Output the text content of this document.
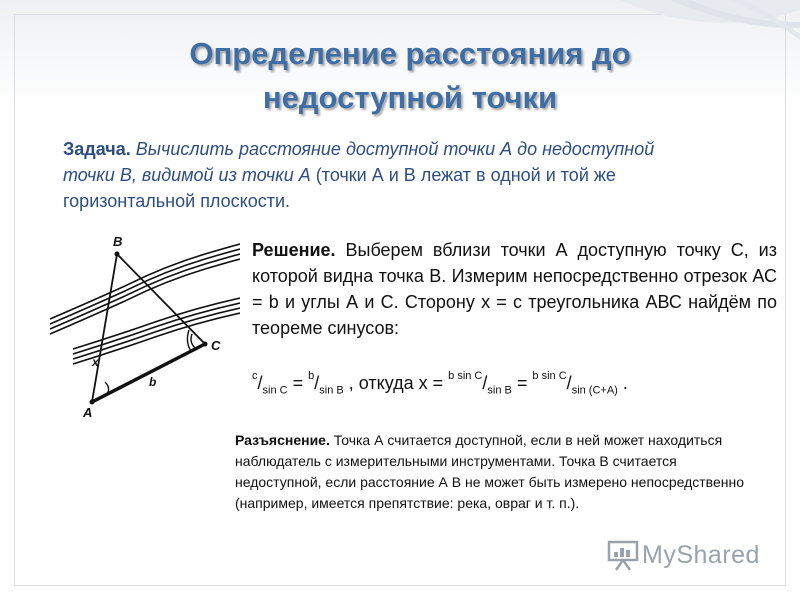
Определение расстояния до
недоступной точки
Задача. Вычислить расстояние доступной точки А до недоступной точки В, видимой из точки А (точки А и В лежат в одной и той же горизонтальной плоскости.
B
C
A
x
b
Решение. Выберем вблизи точки А доступную точку С, из которой видна точка В. Измерим непосредственно отрезок АС = b и углы А и С. Сторону x = c треугольника АВС найдём по теореме синусов:
$^c/_{sin C} = ^b/_{sin B}$ , откуда $x = ^{b sin C}/_{sin B} = ^{b sin C}/_{sin (C+A)}$ .
Разъяснение. Точка А считается доступной, если в ней может находиться наблюдатель с измерительными инструментами. Точка В считается недоступной, если расстояние А В не может быть измерено непосредственно (например, имеется препятствие: река, овраг и т. п.).
MyShared
